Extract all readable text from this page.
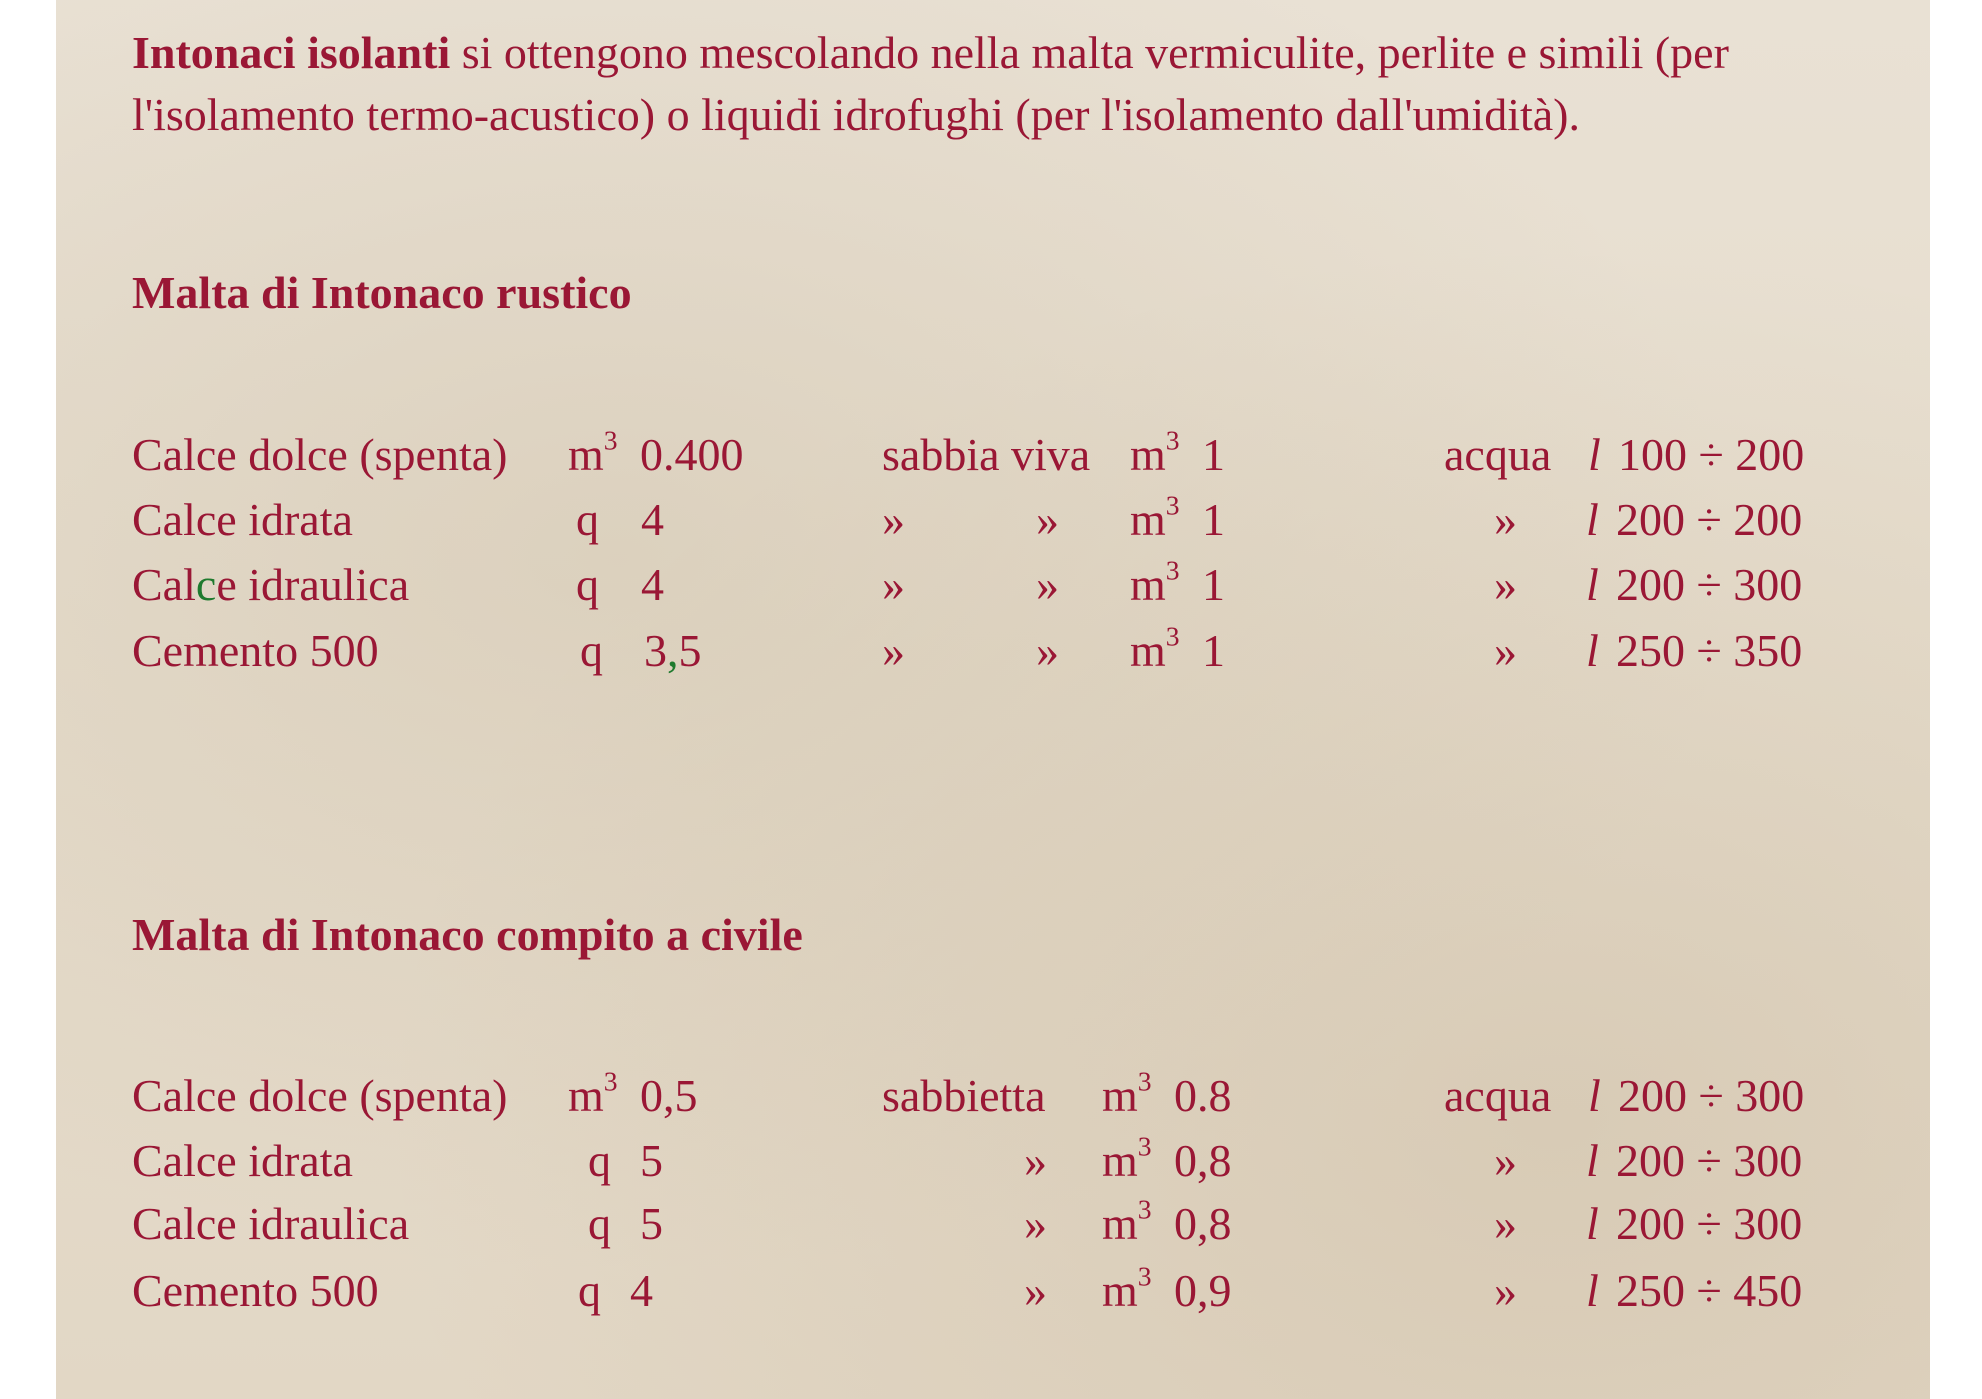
Intonaci isolanti si ottengono mescolando nella malta vermiculite, perlite e simili (per
l'isolamento termo-acustico) o liquidi idrofughi (per l'isolamento dall'umidità).
Malta di Intonaco rustico
Calce dolce (spenta) $m^3$ 0.400	sabbia viva $m^3$ 1	acqua l 100 ÷ 200
Calce idrata	q 4	»	» $m^3$ 1	» l 200 ÷ 200
Calce idraulica	q 4	»	» $m^3$ 1	» l 200 ÷ 300
Cemento 500	q 3,5	»	» $m^3$ 1	» l 250 ÷ 350
Malta di Intonaco compito a civile
Calce dolce (spenta) $m^3$ 0,5	sabbietta $m^3$ 0.8	acqua l 200 ÷ 300
Calce idrata	q 5	» $m^3$ 0,8	» l 200 ÷ 300
Calce idraulica	q 5	» $m^3$ 0,8	» l 200 ÷ 300
Cemento 500	q 4	» $m^3$ 0,9	» l 250 ÷ 450
